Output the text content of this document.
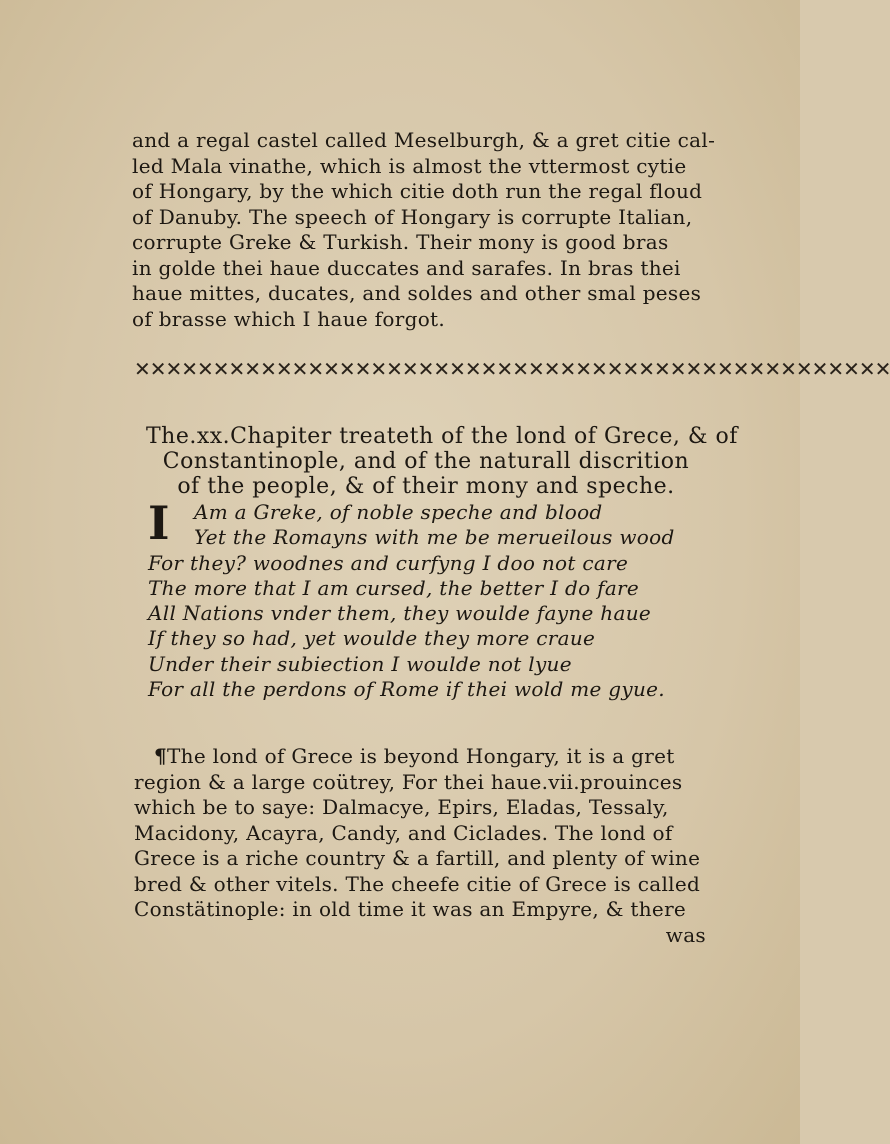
and a regal castel called Meselburgh, & a gret citie cal-
led Mala vinathe, which is almost the vttermost cytie
of Hongary, by the which citie doth run the regal floud
of Danuby. The speech of Hongary is corrupte Italian,
corrupte Greke & Turkish. Their mony is good bras
in golde thei haue duccates and sarafes. In bras thei
haue mittes, ducates, and soldes and other smal peses
of brasse which I haue forgot.
✕✕✕✕✕✕✕✕✕✕✕✕✕✕✕✕✕✕✕✕✕✕✕✕✕✕✕✕✕✕✕✕✕✕✕✕✕✕✕✕✕✕✕✕✕✕✕✕
The.xx.Chapiter treateth of the lond of Grece, & of
Constantinople, and of the naturall discrition
of the people, & of their mony and speche.
I	Am a Greke, of noble speche and blood
Yet the Romayns with me be merueilous wood
For they? woodnes and curfyng I doo not care
The more that I am cursed, the better I do fare
All Nations vnder them, they woulde fayne haue
If they so had, yet woulde they more craue
Under their subiection I woulde not lyue
For all the perdons of Rome if thei wold me gyue.
¶The lond of Grece is beyond Hongary, it is a gret
region & a large coütrey, For thei haue.vii.prouinces
which be to saye: Dalmacye, Epirs, Eladas, Tessaly,
Macidony, Acayra, Candy, and Ciclades. The lond of
Grece is a riche country & a fartill, and plenty of wine
bred & other vitels. The cheefe citie of Grece is called
Constätinople: in old time it was an Empyre, & there
was
